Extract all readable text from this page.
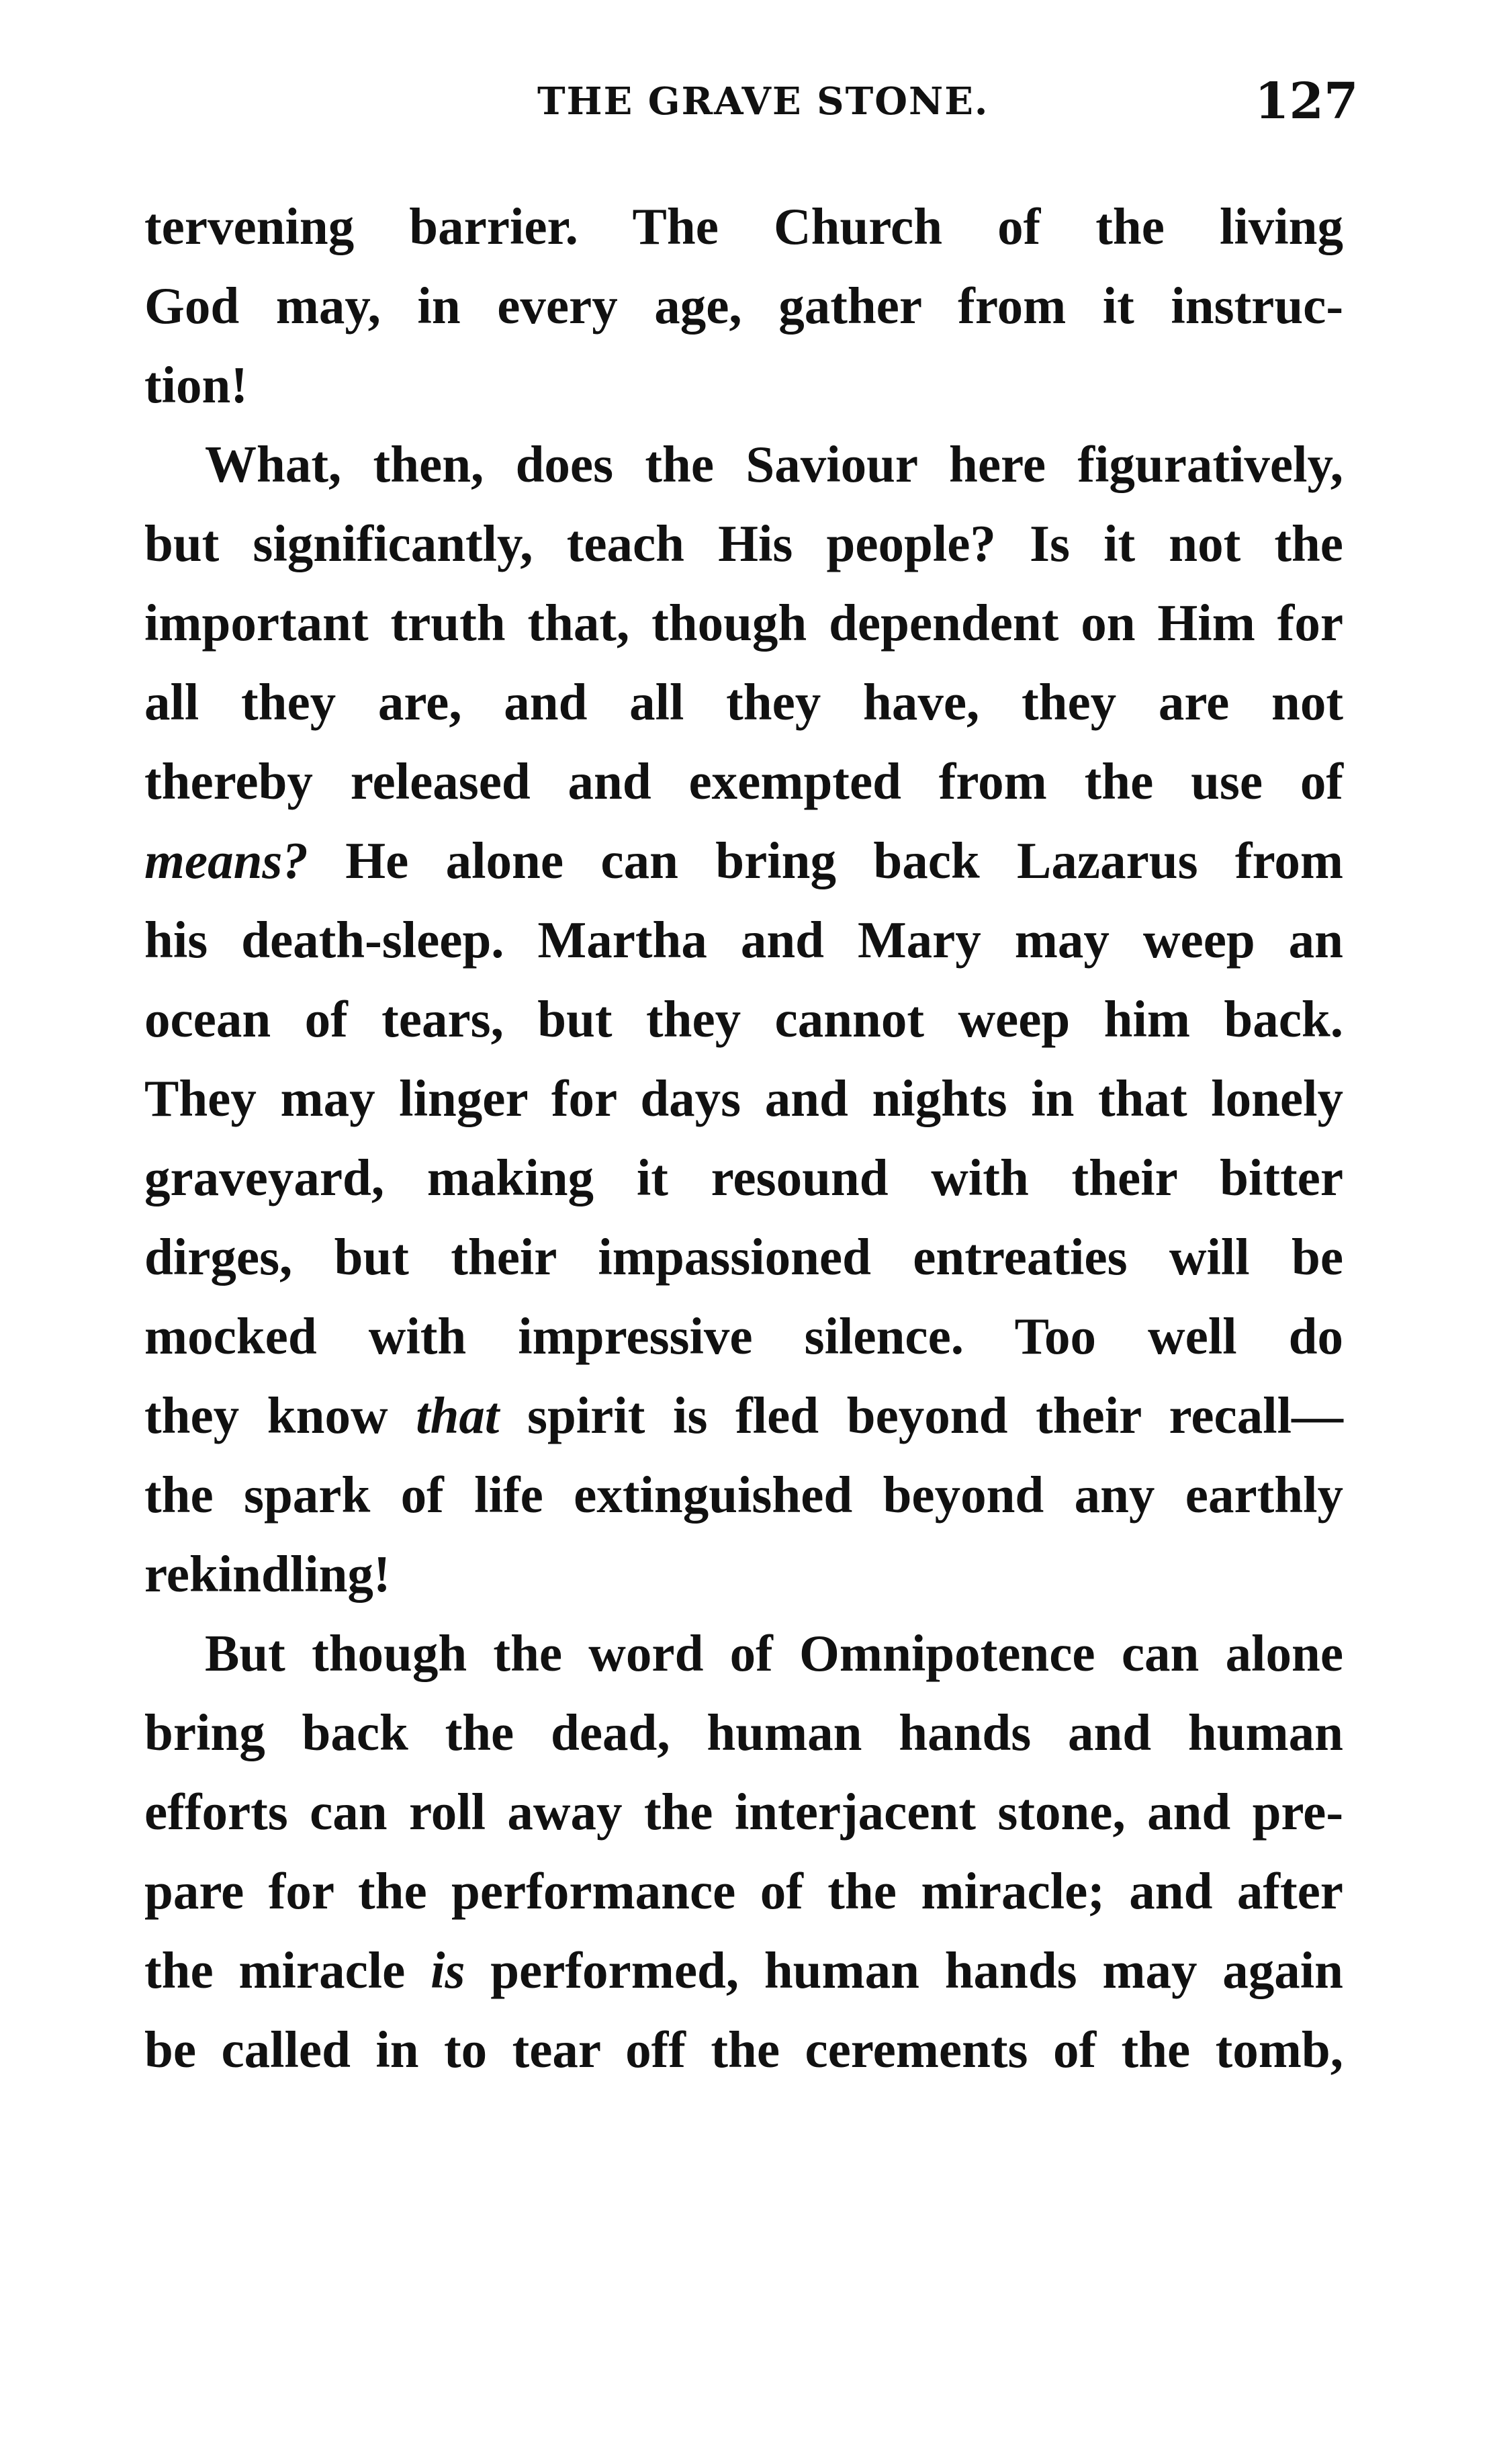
THE GRAVE STONE.	127
tervening barrier. The Church of the living
God may, in every age, gather from it instruc-
tion!
What, then, does the Saviour here figuratively,
but significantly, teach His people? Is it not the
important truth that, though dependent on Him for
all they are, and all they have, they are not
thereby released and exempted from the use of
means? He alone can bring back Lazarus from
his death-sleep. Martha and Mary may weep an
ocean of tears, but they cannot weep him back.
They may linger for days and nights in that lonely
graveyard, making it resound with their bitter
dirges, but their impassioned entreaties will be
mocked with impressive silence. Too well do
they know that spirit is fled beyond their recall—
the spark of life extinguished beyond any earthly
rekindling!
But though the word of Omnipotence can alone
bring back the dead, human hands and human
efforts can roll away the interjacent stone, and pre-
pare for the performance of the miracle; and after
the miracle is performed, human hands may again
be called in to tear off the cerements of the tomb,
